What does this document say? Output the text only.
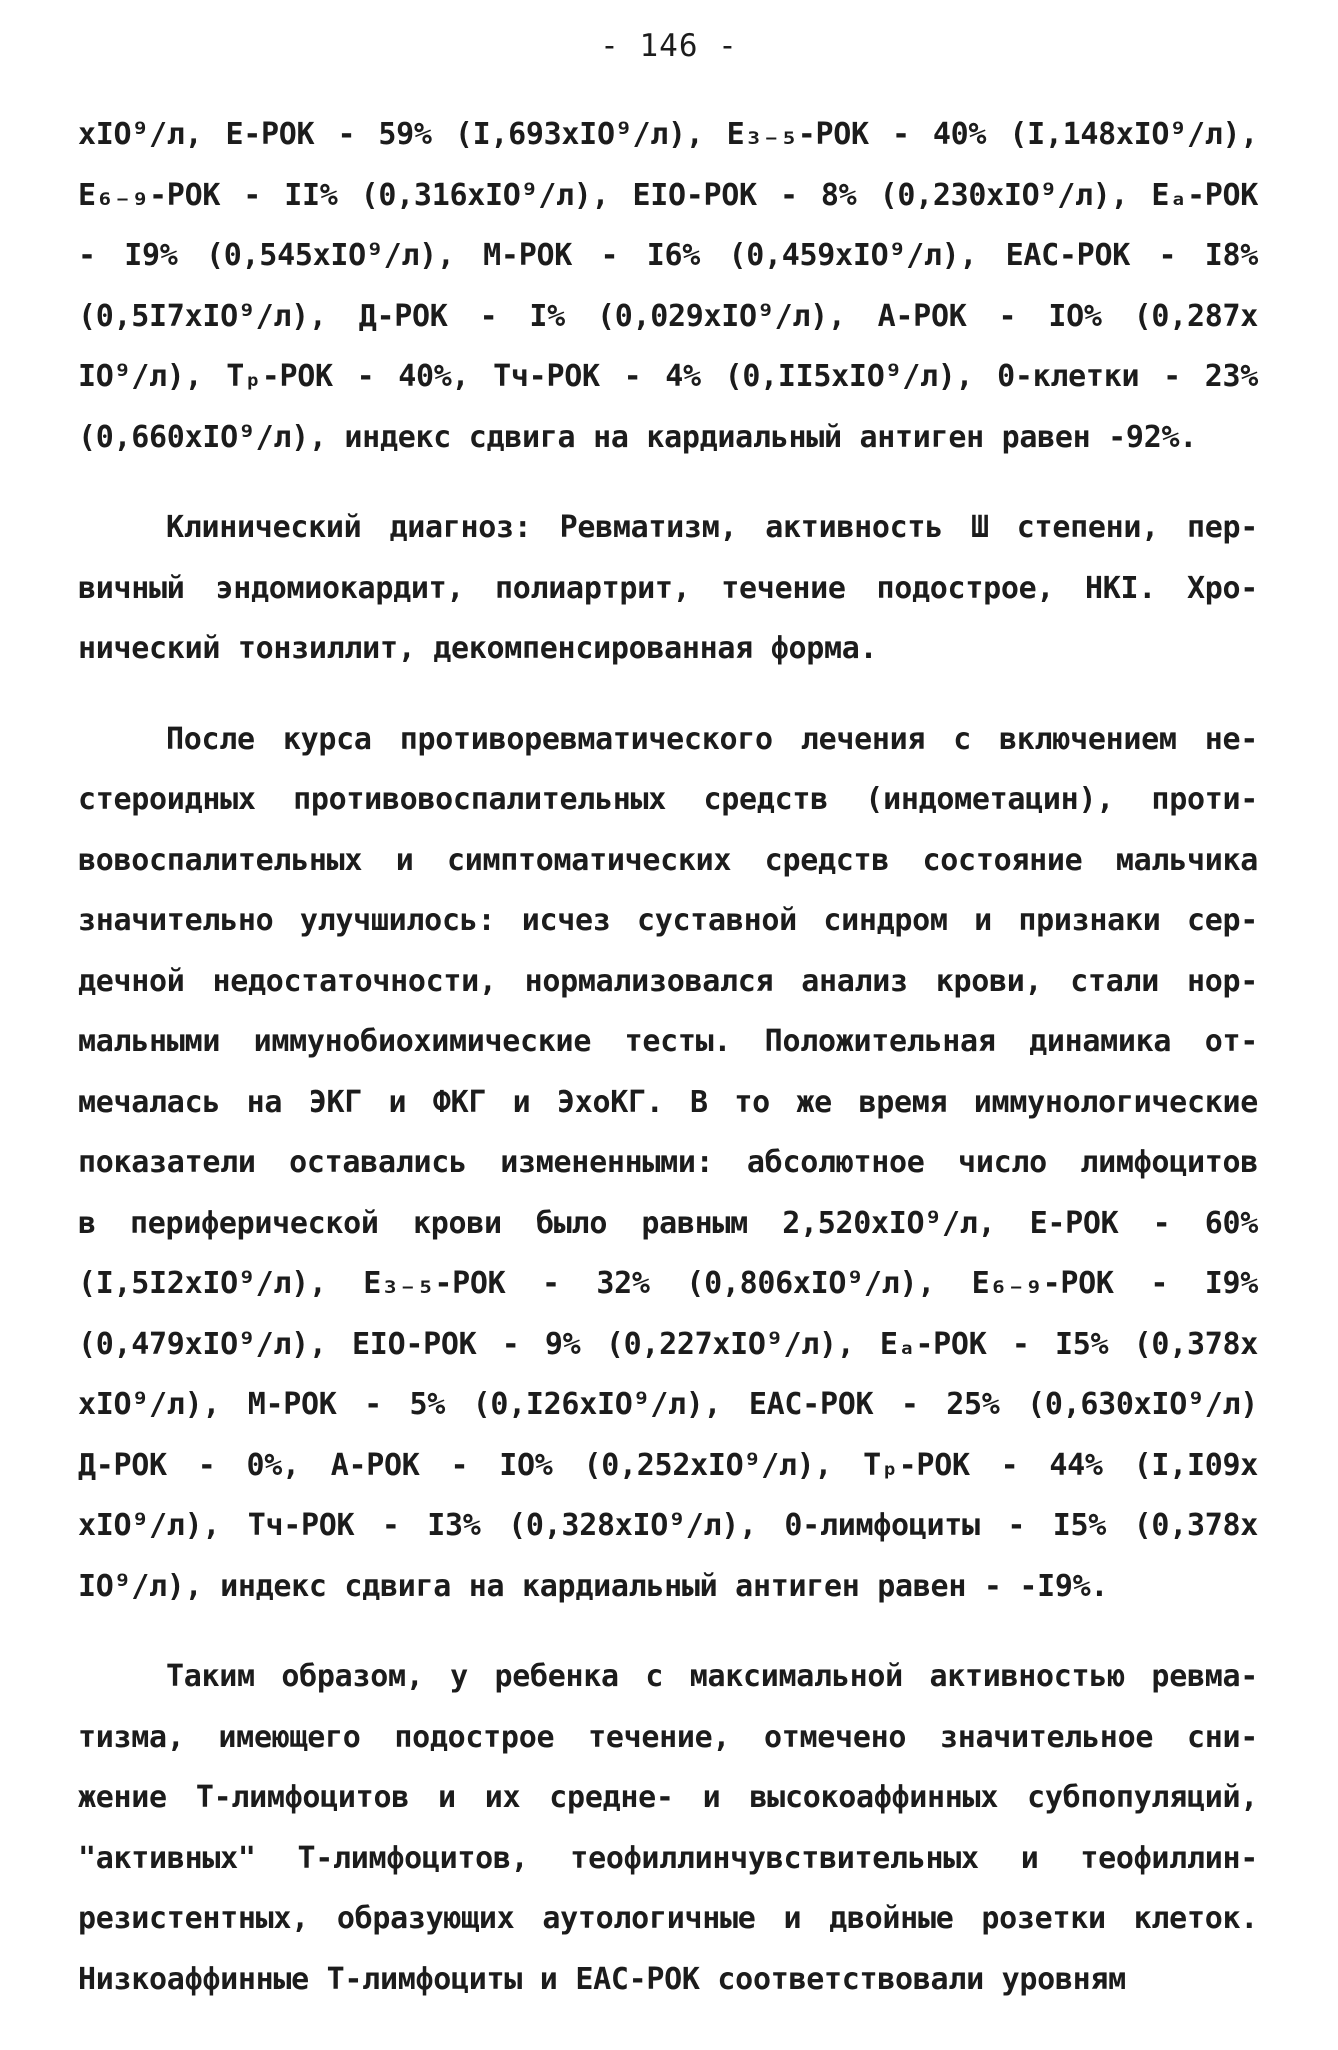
- 146 -
xIO⁹/л, Е-РОК - 59% (I,693xIO⁹/л), Е₃₋₅-РОК - 40% (I,148xIO⁹/л),
Е₆₋₉-РОК - II% (0,316xIO⁹/л), ЕIO-РОК - 8% (0,230xIO⁹/л), Еₐ-РОК
- I9% (0,545xIO⁹/л), М-РОК - I6% (0,459xIO⁹/л), ЕАС-РОК - I8%
(0,5I7xIO⁹/л), Д-РОК - I% (0,029xIO⁹/л), А-РОК - IO% (0,287x
IO⁹/л), Тₚ-РОК - 40%, Тч-РОК - 4% (0,II5xIO⁹/л), 0-клетки - 23%
(0,660xIO⁹/л), индекс сдвига на кардиальный антиген равен -92%.
Клинический диагноз: Ревматизм, активность Ш степени, пер-
вичный эндомиокардит, полиартрит, течение подострое, НКI. Хро-
нический тонзиллит, декомпенсированная форма.
После курса противоревматического лечения с включением не-
стероидных противовоспалительных средств (индометацин), проти-
вовоспалительных и симптоматических средств состояние мальчика
значительно улучшилось: исчез суставной синдром и признаки сер-
дечной недостаточности, нормализовался анализ крови, стали нор-
мальными иммунобиохимические тесты. Положительная динамика от-
мечалась на ЭКГ и ФКГ и ЭхоКГ. В то же время иммунологические
показатели оставались измененными: абсолютное число лимфоцитов
в периферической крови было равным 2,520xIO⁹/л, Е-РОК - 60%
(I,5I2xIO⁹/л), Е₃₋₅-РОК - 32% (0,806xIO⁹/л), Е₆₋₉-РОК - I9%
(0,479xIO⁹/л), ЕIO-РОК - 9% (0,227xIO⁹/л), Еₐ-РОК - I5% (0,378x
xIO⁹/л), М-РОК - 5% (0,I26xIO⁹/л), ЕАС-РОК - 25% (0,630xIO⁹/л)
Д-РОК - 0%, А-РОК - IO% (0,252xIO⁹/л), Тₚ-РОК - 44% (I,I09x
xIO⁹/л), Тч-РОК - I3% (0,328xIO⁹/л), 0-лимфоциты - I5% (0,378x
IO⁹/л), индекс сдвига на кардиальный антиген равен - -I9%.
Таким образом, у ребенка с максимальной активностью ревма-
тизма, имеющего подострое течение, отмечено значительное сни-
жение Т-лимфоцитов и их средне- и высокоаффинных субпопуляций,
"активных" Т-лимфоцитов, теофиллинчувствительных и теофиллин-
резистентных, образующих аутологичные и двойные розетки клеток.
Низкоаффинные Т-лимфоциты и ЕАС-РОК соответствовали уровням
